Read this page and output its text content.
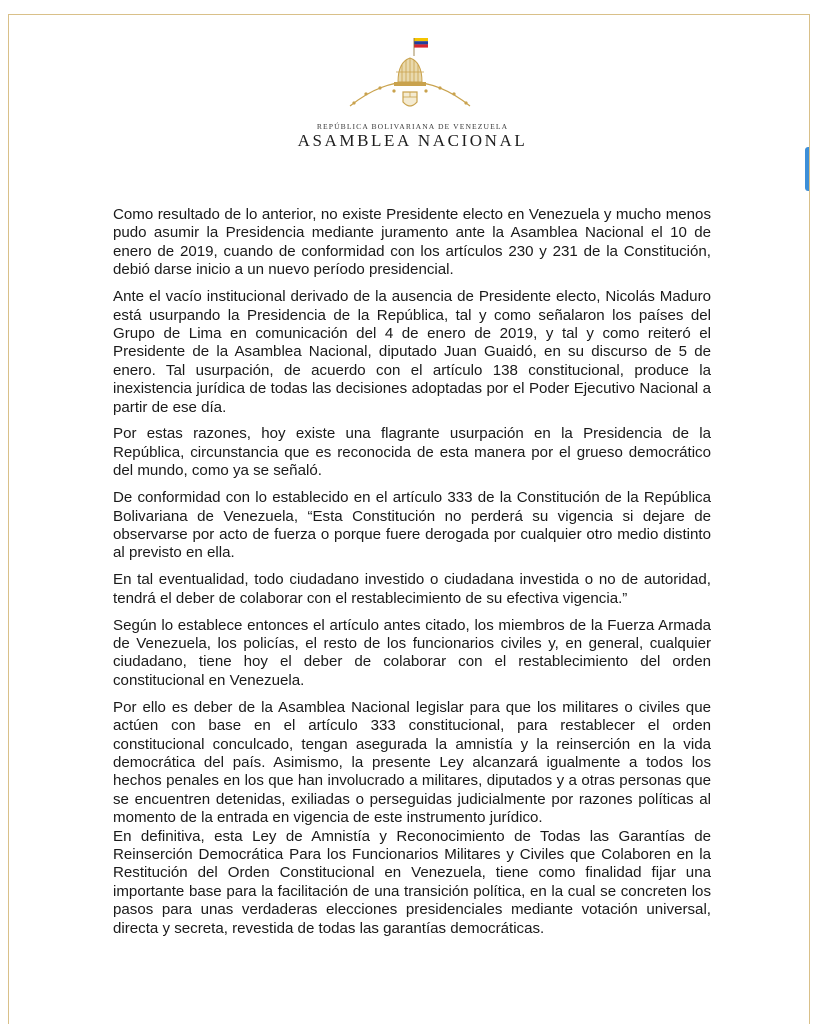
REPÚBLICA BOLIVARIANA DE VENEZUELA
ASAMBLEA NACIONAL

Como resultado de lo anterior, no existe Presidente electo en Venezuela y mucho menos pudo asumir la Presidencia mediante juramento ante la Asamblea Nacional el 10 de enero de 2019, cuando de conformidad con los artículos 230 y 231 de la Constitución, debió darse inicio a un nuevo período presidencial.

Ante el vacío institucional derivado de la ausencia de Presidente electo, Nicolás Maduro está usurpando la Presidencia de la República, tal y como señalaron los países del Grupo de Lima en comunicación del 4 de enero de 2019, y tal y como reiteró el Presidente de la Asamblea Nacional, diputado Juan Guaidó, en su discurso de 5 de enero. Tal usurpación, de acuerdo con el artículo 138 constitucional, produce la inexistencia jurídica de todas las decisiones adoptadas por el Poder Ejecutivo Nacional a partir de ese día.

Por estas razones, hoy existe una flagrante usurpación en la Presidencia de la República, circunstancia que es reconocida de esta manera por el grueso democrático del mundo, como ya se señaló.

De conformidad con lo establecido en el artículo 333 de la Constitución de la República Bolivariana de Venezuela, “Esta Constitución no perderá su vigencia si dejare de observarse por acto de fuerza o porque fuere derogada por cualquier otro medio distinto al previsto en ella.

En tal eventualidad, todo ciudadano investido o ciudadana investida o no de autoridad, tendrá el deber de colaborar con el restablecimiento de su efectiva vigencia.”

Según lo establece entonces el artículo antes citado, los miembros de la Fuerza Armada de Venezuela, los policías, el resto de los funcionarios civiles y, en general, cualquier ciudadano, tiene hoy el deber de colaborar con el restablecimiento del orden constitucional en Venezuela.

Por ello es deber de la Asamblea Nacional legislar para que los militares o civiles que actúen con base en el artículo 333 constitucional, para restablecer el orden constitucional conculcado, tengan asegurada la amnistía y la reinserción en la vida democrática del país. Asimismo, la presente Ley alcanzará igualmente a todos los hechos penales en los que han involucrado a militares, diputados y a otras personas que se encuentren detenidas, exiliadas o perseguidas judicialmente por razones políticas al momento de la entrada en vigencia de este instrumento jurídico.

En definitiva, esta Ley de Amnistía y Reconocimiento de Todas las Garantías de Reinserción Democrática Para los Funcionarios Militares y Civiles que Colaboren en la Restitución del Orden Constitucional en Venezuela, tiene como finalidad fijar una importante base para la facilitación de una transición política, en la cual se concreten los pasos para unas verdaderas elecciones presidenciales mediante votación universal, directa y secreta, revestida de todas las garantías democráticas.
